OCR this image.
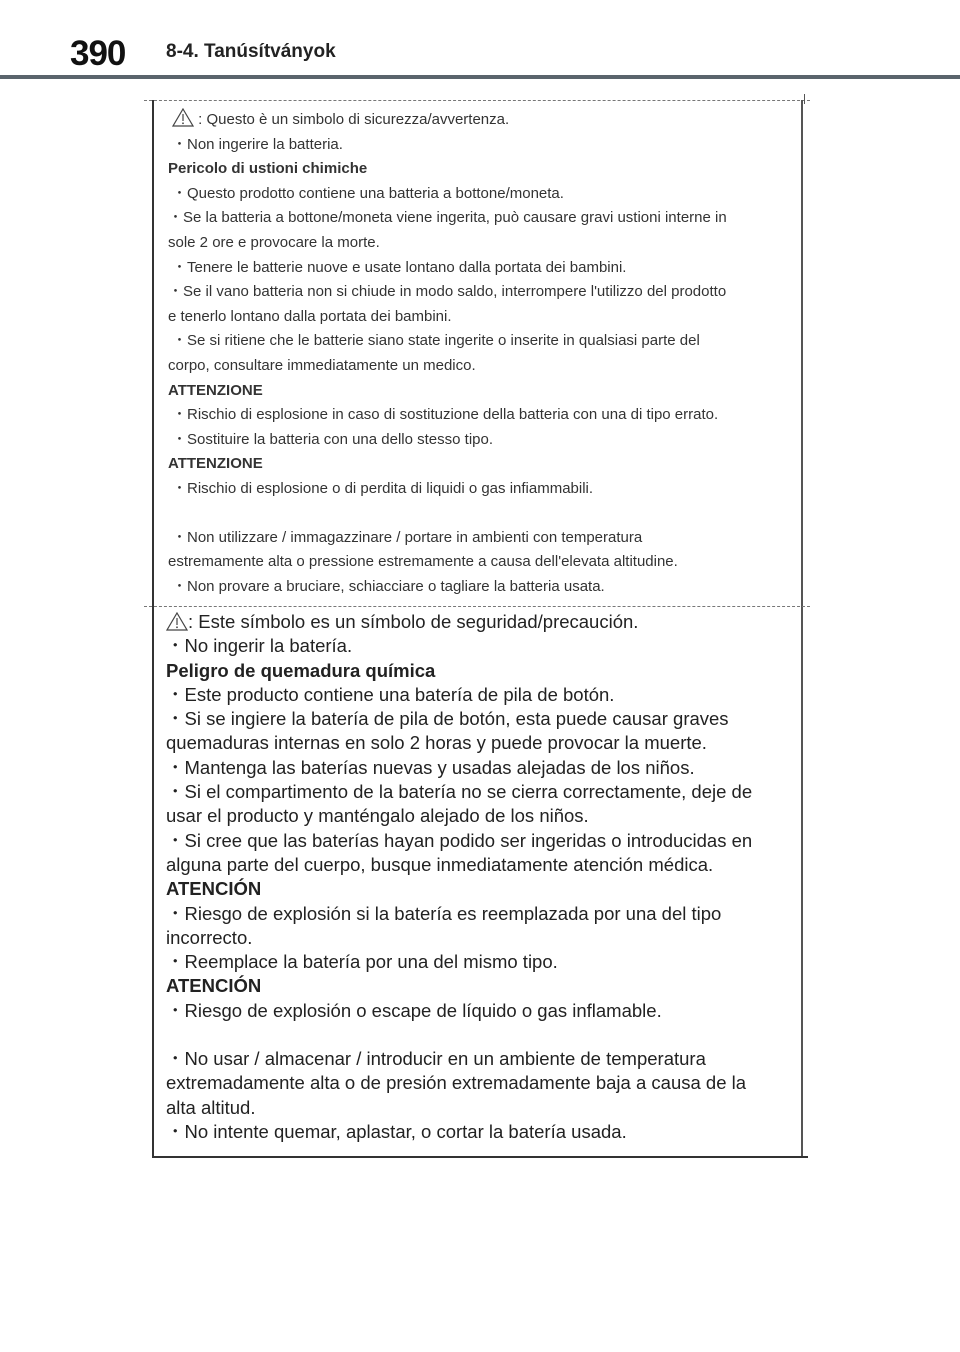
390 8-4. Tanúsítványok
: Questo è un simbolo di sicurezza/avvertenza.
・Non ingerire la batteria.
Pericolo di ustioni chimiche
・Questo prodotto contiene una batteria a bottone/moneta.
・Se la batteria a bottone/moneta viene ingerita, può causare gravi ustioni interne in
sole 2 ore e provocare la morte.
・Tenere le batterie nuove e usate lontano dalla portata dei bambini.
・Se il vano batteria non si chiude in modo saldo, interrompere l'utilizzo del prodotto
e tenerlo lontano dalla portata dei bambini.
・Se si ritiene che le batterie siano state ingerite o inserite in qualsiasi parte del
corpo, consultare immediatamente un medico.
ATTENZIONE
・Rischio di esplosione in caso di sostituzione della batteria con una di tipo errato.
・Sostituire la batteria con una dello stesso tipo.
ATTENZIONE
・Rischio di esplosione o di perdita di liquidi o gas infiammabili.
・Non utilizzare / immagazzinare / portare in ambienti con temperatura
estremamente alta o pressione estremamente a causa dell'elevata altitudine.
・Non provare a bruciare, schiacciare o tagliare la batteria usata.
: Este símbolo es un símbolo de seguridad/precaución.
・No ingerir la batería.
Peligro de quemadura química
・Este producto contiene una batería de pila de botón.
・Si se ingiere la batería de pila de botón, esta puede causar graves
quemaduras internas en solo 2 horas y puede provocar la muerte.
・Mantenga las baterías nuevas y usadas alejadas de los niños.
・Si el compartimento de la batería no se cierra correctamente, deje de
usar el producto y manténgalo alejado de los niños.
・Si cree que las baterías hayan podido ser ingeridas o introducidas en
alguna parte del cuerpo, busque inmediatamente atención médica.
ATENCIÓN
・Riesgo de explosión si la batería es reemplazada por una del tipo
incorrecto.
・Reemplace la batería por una del mismo tipo.
ATENCIÓN
・Riesgo de explosión o escape de líquido o gas inflamable.
・No usar / almacenar / introducir en un ambiente de temperatura
extremadamente alta o de presión extremadamente baja a causa de la
alta altitud.
・No intente quemar, aplastar, o cortar la batería usada.
